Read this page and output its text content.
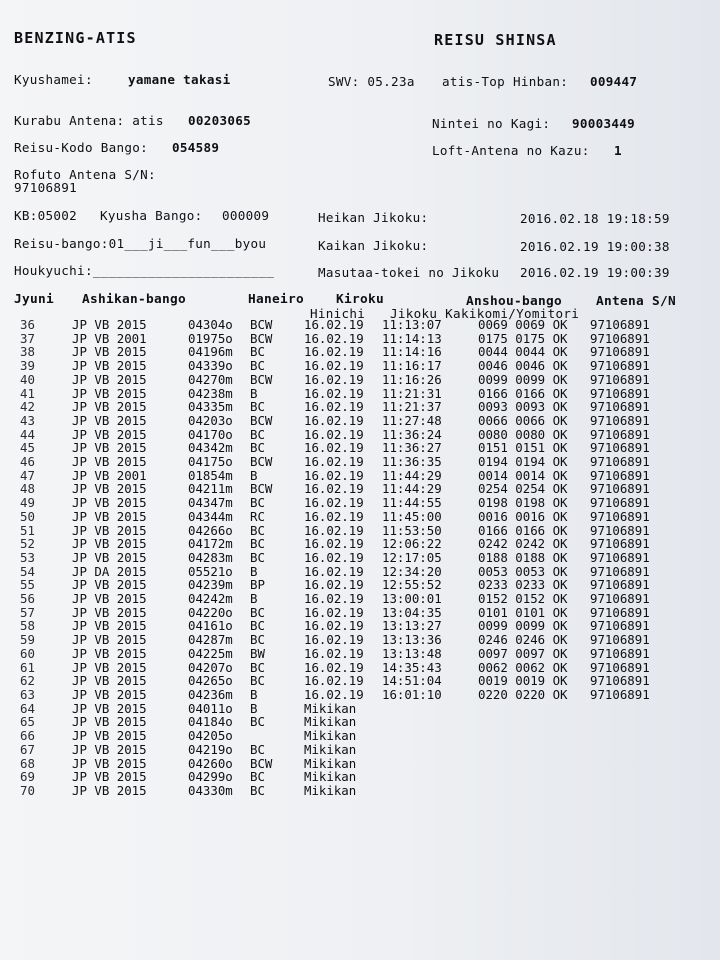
BENZING-ATIS	REISU SHINSA
Kyushamei:	yamane takasi	SWV: 05.23a atis-Top Hinban: 009447
Kurabu Antena: atis 00203065	Nintei no Kagi: 90003449
Reisu-Kodo Bango: 054589	Loft-Antena no Kazu: 1
Rofuto Antena S/N:
97106891
KB:05002 Kyusha Bango: 000009	Heikan Jikoku:	2016.02.18 19:18:59
Reisu-bango:01___ji___fun___byou	Kaikan Jikoku:	2016.02.19 19:00:38
Houkyuchi:_______________________	Masutaa-tokei no Jikoku 2016.02.19 19:00:39
Jyuni Ashikan-bango	Haneiro Kiroku	Anshou-bango	Antena S/N
Hinichi Jikoku Kakikomi/Yomitori
36	JP VB 2015	04304o	BCW	16.02.19	11:13:07	0069 0069 OK	97106891
37	JP VB 2001	01975o	BCW	16.02.19	11:14:13	0175 0175 OK	97106891
38	JP VB 2015	04196m	BC	16.02.19	11:14:16	0044 0044 OK	97106891
39	JP VB 2015	04339o	BC	16.02.19	11:16:17	0046 0046 OK	97106891
40	JP VB 2015	04270m	BCW	16.02.19	11:16:26	0099 0099 OK	97106891
41	JP VB 2015	04238m	B	16.02.19	11:21:31	0166 0166 OK	97106891
42	JP VB 2015	04335m	BC	16.02.19	11:21:37	0093 0093 OK	97106891
43	JP VB 2015	04203o	BCW	16.02.19	11:27:48	0066 0066 OK	97106891
44	JP VB 2015	04170o	BC	16.02.19	11:36:24	0080 0080 OK	97106891
45	JP VB 2015	04342m	BC	16.02.19	11:36:27	0151 0151 OK	97106891
46	JP VB 2015	04175o	BCW	16.02.19	11:36:35	0194 0194 OK	97106891
47	JP VB 2001	01854m	B	16.02.19	11:44:29	0014 0014 OK	97106891
48	JP VB 2015	04211m	BCW	16.02.19	11:44:29	0254 0254 OK	97106891
49	JP VB 2015	04347m	BC	16.02.19	11:44:55	0198 0198 OK	97106891
50	JP VB 2015	04344m	RC	16.02.19	11:45:00	0016 0016 OK	97106891
51	JP VB 2015	04266o	BC	16.02.19	11:53:50	0166 0166 OK	97106891
52	JP VB 2015	04172m	BC	16.02.19	12:06:22	0242 0242 OK	97106891
53	JP VB 2015	04283m	BC	16.02.19	12:17:05	0188 0188 OK	97106891
54	JP DA 2015	05521o	B	16.02.19	12:34:20	0053 0053 OK	97106891
55	JP VB 2015	04239m	BP	16.02.19	12:55:52	0233 0233 OK	97106891
56	JP VB 2015	04242m	B	16.02.19	13:00:01	0152 0152 OK	97106891
57	JP VB 2015	04220o	BC	16.02.19	13:04:35	0101 0101 OK	97106891
58	JP VB 2015	04161o	BC	16.02.19	13:13:27	0099 0099 OK	97106891
59	JP VB 2015	04287m	BC	16.02.19	13:13:36	0246 0246 OK	97106891
60	JP VB 2015	04225m	BW	16.02.19	13:13:48	0097 0097 OK	97106891
61	JP VB 2015	04207o	BC	16.02.19	14:35:43	0062 0062 OK	97106891
62	JP VB 2015	04265o	BC	16.02.19	14:51:04	0019 0019 OK	97106891
63	JP VB 2015	04236m	B	16.02.19	16:01:10	0220 0220 OK	97106891
64	JP VB 2015	04011o	B	Mikikan			
65	JP VB 2015	04184o	BC	Mikikan			
66	JP VB 2015	04205o		Mikikan			
67	JP VB 2015	04219o	BC	Mikikan			
68	JP VB 2015	04260o	BCW	Mikikan			
69	JP VB 2015	04299o	BC	Mikikan			
70	JP VB 2015	04330m	BC	Mikikan			
